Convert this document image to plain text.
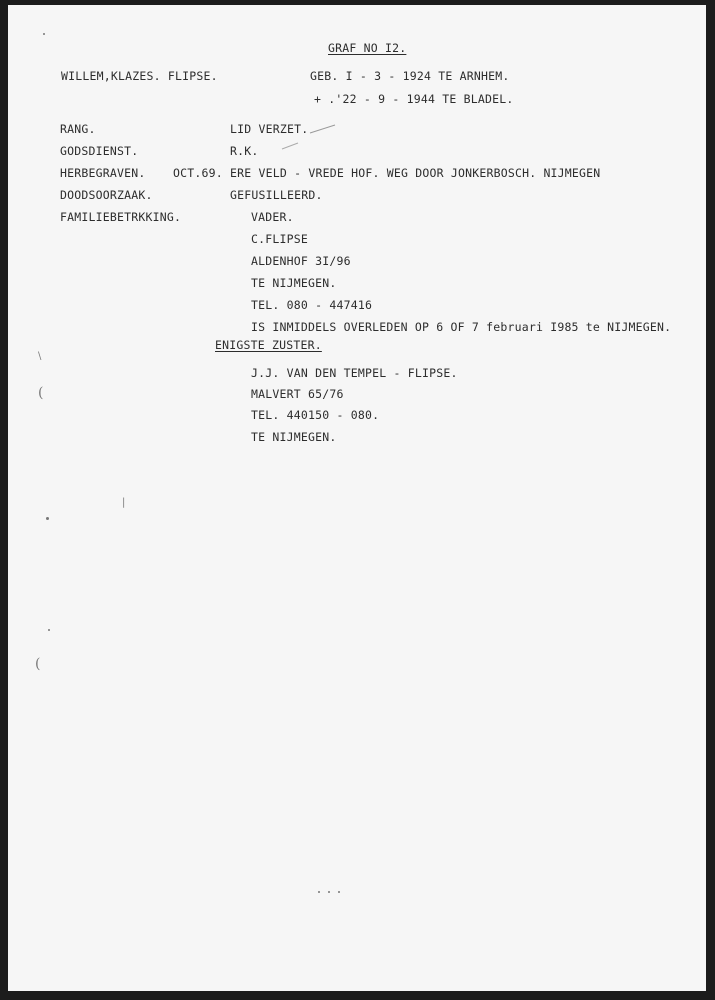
GRAF NO I2.
WILLEM,KLAZES. FLIPSE.	GEB. I - 3 - 1924 TE ARNHEM.
+ .'22 - 9 - 1944 TE BLADEL.
RANG.	LID VERZET.
GODSDIENST.	R.K.
HERBEGRAVEN. OCT.69. ERE VELD - VREDE HOF. WEG DOOR JONKERBOSCH. NIJMEGEN
DOODSOORZAAK.	GEFUSILLEERD.
FAMILIEBETRKKING.	VADER.
C.FLIPSE
ALDENHOF 3I/96
TE NIJMEGEN.
TEL. 080 - 447416
IS INMIDDELS OVERLEDEN OP 6 OF 7 februari I985 te NIJMEGEN.
ENIGSTE ZUSTER.
J.J. VAN DEN TEMPEL - FLIPSE.
MALVERT 65/76
TEL. 440150 - 080.
TE NIJMEGEN.
(
(
|
\
